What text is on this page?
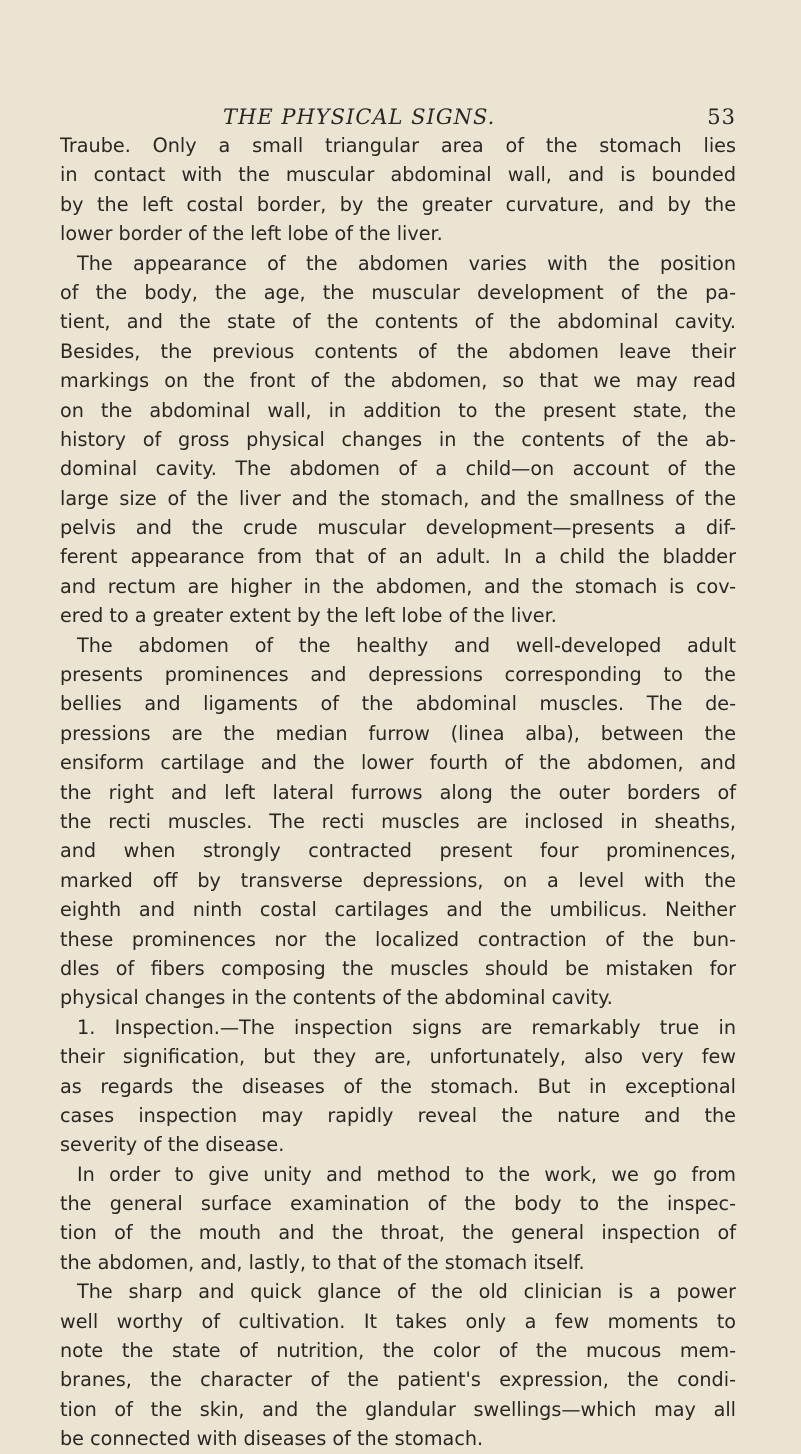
THE PHYSICAL SIGNS.	53
Traube. Only a small triangular area of the stomach lies
in contact with the muscular abdominal wall, and is bounded
by the left costal border, by the greater curvature, and by the
lower border of the left lobe of the liver.
The appearance of the abdomen varies with the position
of the body, the age, the muscular development of the pa-
tient, and the state of the contents of the abdominal cavity.
Besides, the previous contents of the abdomen leave their
markings on the front of the abdomen, so that we may read
on the abdominal wall, in addition to the present state, the
history of gross physical changes in the contents of the ab-
dominal cavity. The abdomen of a child—on account of the
large size of the liver and the stomach, and the smallness of the
pelvis and the crude muscular development—presents a dif-
ferent appearance from that of an adult. In a child the bladder
and rectum are higher in the abdomen, and the stomach is cov-
ered to a greater extent by the left lobe of the liver.
The abdomen of the healthy and well-developed adult
presents prominences and depressions corresponding to the
bellies and ligaments of the abdominal muscles. The de-
pressions are the median furrow (linea alba), between the
ensiform cartilage and the lower fourth of the abdomen, and
the right and left lateral furrows along the outer borders of
the recti muscles. The recti muscles are inclosed in sheaths,
and when strongly contracted present four prominences,
marked off by transverse depressions, on a level with the
eighth and ninth costal cartilages and the umbilicus. Neither
these prominences nor the localized contraction of the bun-
dles of fibers composing the muscles should be mistaken for
physical changes in the contents of the abdominal cavity.
1. Inspection.—The inspection signs are remarkably true in
their signification, but they are, unfortunately, also very few
as regards the diseases of the stomach. But in exceptional
cases inspection may rapidly reveal the nature and the
severity of the disease.
In order to give unity and method to the work, we go from
the general surface examination of the body to the inspec-
tion of the mouth and the throat, the general inspection of
the abdomen, and, lastly, to that of the stomach itself.
The sharp and quick glance of the old clinician is a power
well worthy of cultivation. It takes only a few moments to
note the state of nutrition, the color of the mucous mem-
branes, the character of the patient's expression, the condi-
tion of the skin, and the glandular swellings—which may all
be connected with diseases of the stomach.
